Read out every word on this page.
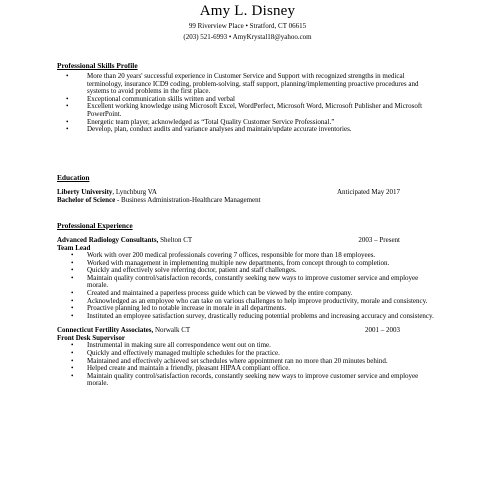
Amy L. Disney
99 Riverview Place • Stratford, CT 06615
(203) 521-6993 • AmyKrystal18@yahoo.com

Professional Skills Profile

• More than 20 years' successful experience in Customer Service and Support with recognized strengths in medical terminology, insurance ICD9 coding, problem-solving, staff support, planning/implementing proactive procedures and systems to avoid problems in the first place.
• Exceptional communication skills written and verbal
• Excellent working knowledge using Microsoft Excel, WordPerfect, Microsoft Word, Microsoft Publisher and Microsoft PowerPoint.
• Energetic team player, acknowledged as “Total Quality Customer Service Professional.”
• Develop, plan, conduct audits and variance analyses and maintain/update accurate inventories.

Education

Liberty University, Lynchburg VA	Anticipated May 2017
Bachelor of Science - Business Administration-Healthcare Management

Professional Experience

Advanced Radiology Consultants, Shelton CT	2003 – Present
Team Lead
• Work with over 200 medical professionals covering 7 offices, responsible for more than 18 employees.
• Worked with management in implementing multiple new departments, from concept through to completion.
• Quickly and effectively solve referring doctor, patient and staff challenges.
• Maintain quality control/satisfaction records, constantly seeking new ways to improve customer service and employee morale.
• Created and maintained a paperless process guide which can be viewed by the entire company.
• Acknowledged as an employee who can take on various challenges to help improve productivity, morale and consistency.
• Proactive planning led to notable increase in morale in all departments.
• Instituted an employee satisfaction survey, drastically reducing potential problems and increasing accuracy and consistency.
Connecticut Fertility Associates, Norwalk CT	2001 – 2003
Front Desk Supervisor
• Instrumental in making sure all correspondence went out on time.
• Quickly and effectively managed multiple schedules for the practice.
• Maintained and effectively achieved set schedules where appointment ran no more than 20 minutes behind.
• Helped create and maintain a friendly, pleasant HIPAA compliant office.
• Maintain quality control/satisfaction records, constantly seeking new ways to improve customer service and employee morale.
